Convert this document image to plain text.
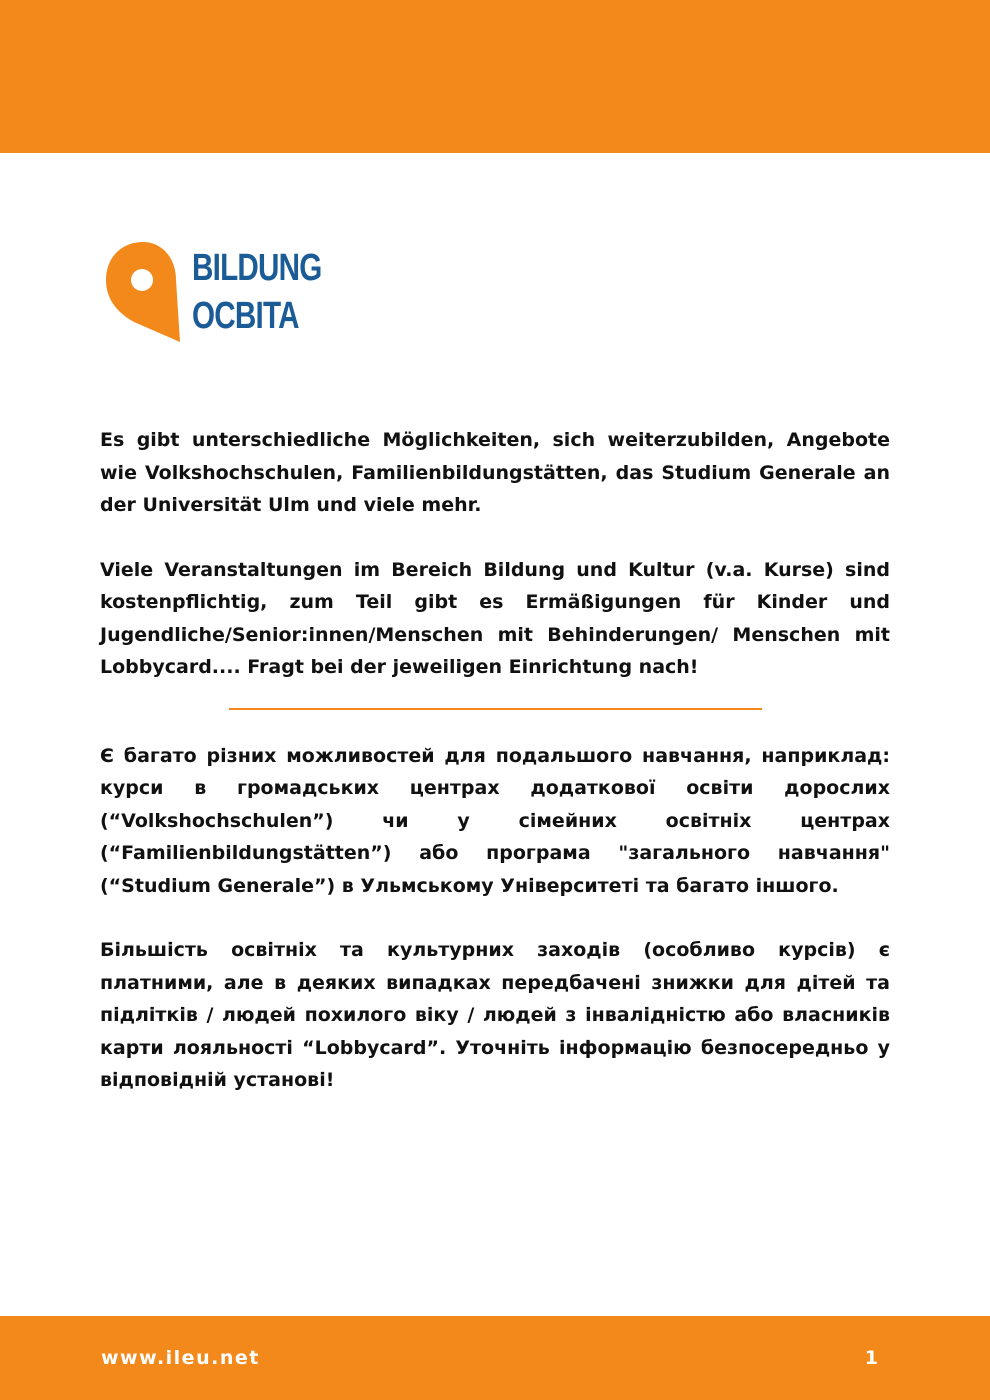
BILDUNG
OCBITA

Es gibt unterschiedliche Möglichkeiten, sich weiterzubilden, Angebote wie Volkshochschulen, Familienbildungstätten, das Studium Generale an der Universität Ulm und viele mehr.

Viele Veranstaltungen im Bereich Bildung und Kultur (v.a. Kurse) sind kostenpflichtig, zum Teil gibt es Ermäßigungen für Kinder und Jugendliche/Senior:innen/Menschen mit Behinderungen/ Menschen mit Lobbycard.... Fragt bei der jeweiligen Einrichtung nach!

Є багато різних можливостей для подальшого навчання, наприклад: курси в громадських центрах додаткової освіти дорослих (“Volkshochschulen”) чи у сімейних освітніх центрах (“Familienbildungstätten”) або програма "загального навчання" (“Studium Generale”) в Ульмському Університеті та багато іншого.

Більшість освітніх та культурних заходів (особливо курсів) є платними, але в деяких випадках передбачені знижки для дітей та підлітків / людей похилого віку / людей з інвалідністю або власників карти лояльності “Lobbycard”. Уточніть інформацію безпосередньо у відповідній установі!

www.ileu.net	1
